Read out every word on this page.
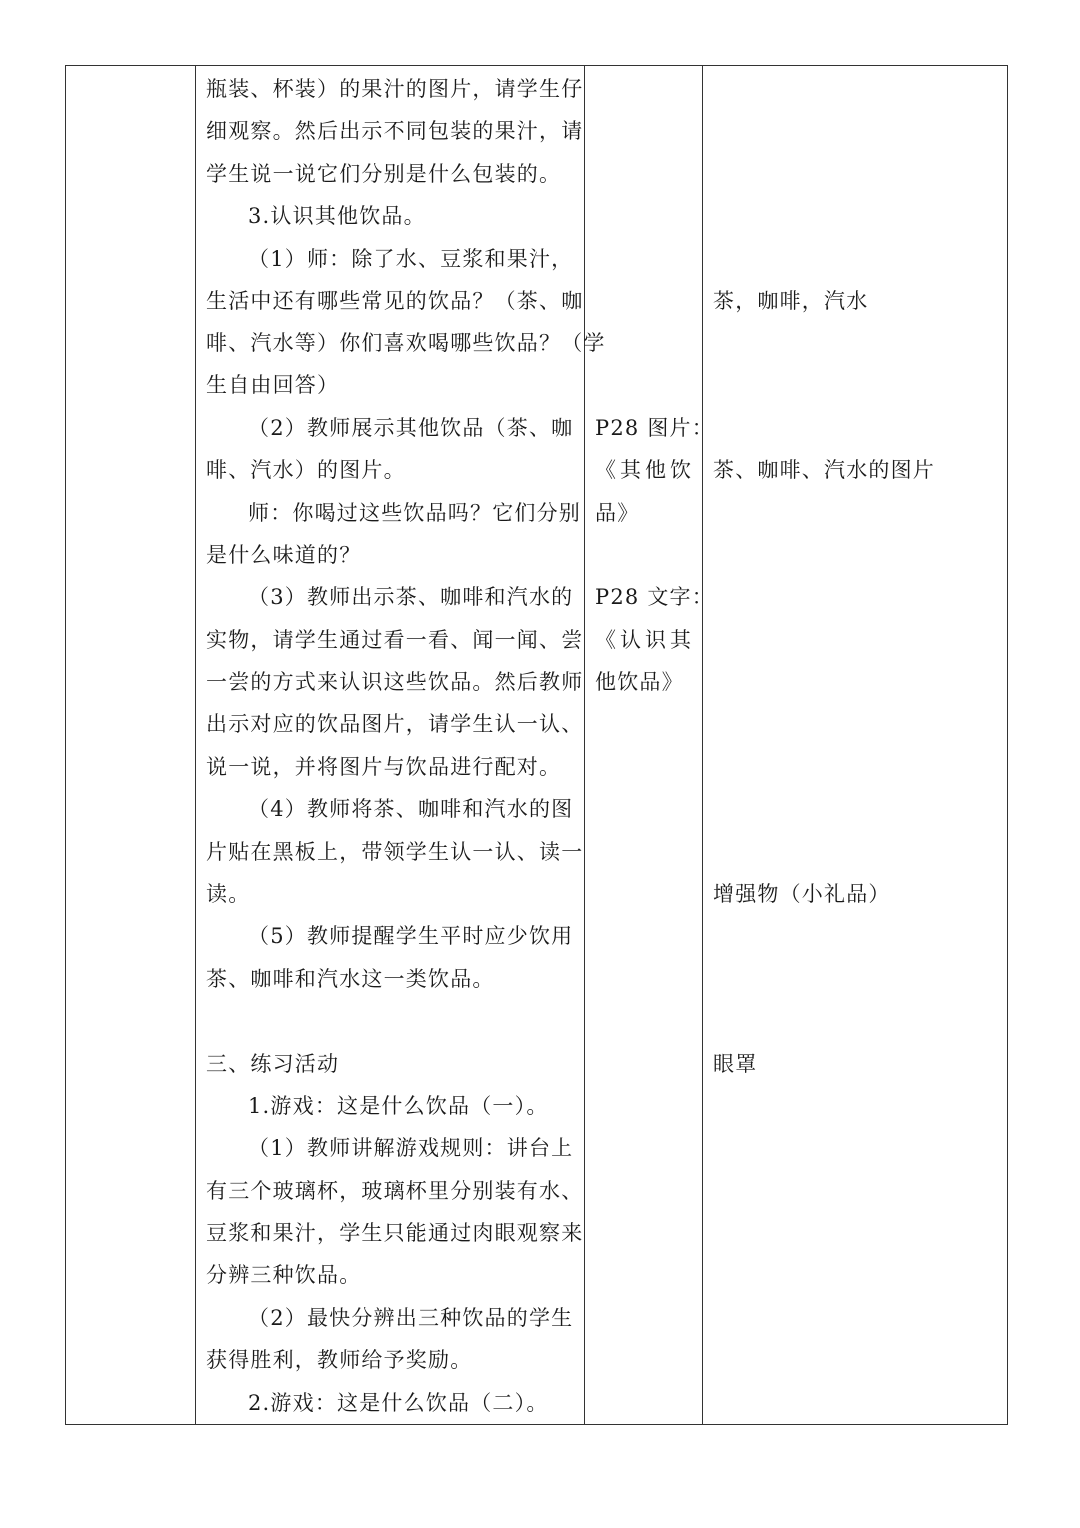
瓶装、杯装）的果汁的图片，请学生仔
细观察。然后出示不同包装的果汁，请
学生说一说它们分别是什么包装的。
3.认识其他饮品。
（1）师：除了水、豆浆和果汁，
生活中还有哪些常见的饮品？（茶、咖
啡、汽水等）你们喜欢喝哪些饮品？（学
生自由回答）
（2）教师展示其他饮品（茶、咖
啡、汽水）的图片。
师：你喝过这些饮品吗？它们分别
是什么味道的？
（3）教师出示茶、咖啡和汽水的
实物，请学生通过看一看、闻一闻、尝
一尝的方式来认识这些饮品。然后教师
出示对应的饮品图片，请学生认一认、
说一说，并将图片与饮品进行配对。
（4）教师将茶、咖啡和汽水的图
片贴在黑板上，带领学生认一认、读一
读。
（5）教师提醒学生平时应少饮用
茶、咖啡和汽水这一类饮品。
三、练习活动
1.游戏：这是什么饮品（一）。
（1）教师讲解游戏规则：讲台上
有三个玻璃杯，玻璃杯里分别装有水、
豆浆和果汁，学生只能通过肉眼观察来
分辨三种饮品。
（2）最快分辨出三种饮品的学生
获得胜利，教师给予奖励。
2.游戏：这是什么饮品（二）。
P28 图片：
《其他饮
品》
P28 文字：
《认识其
他饮品》
茶，咖啡，汽水
茶、咖啡、汽水的图片
增强物（小礼品）
眼罩
